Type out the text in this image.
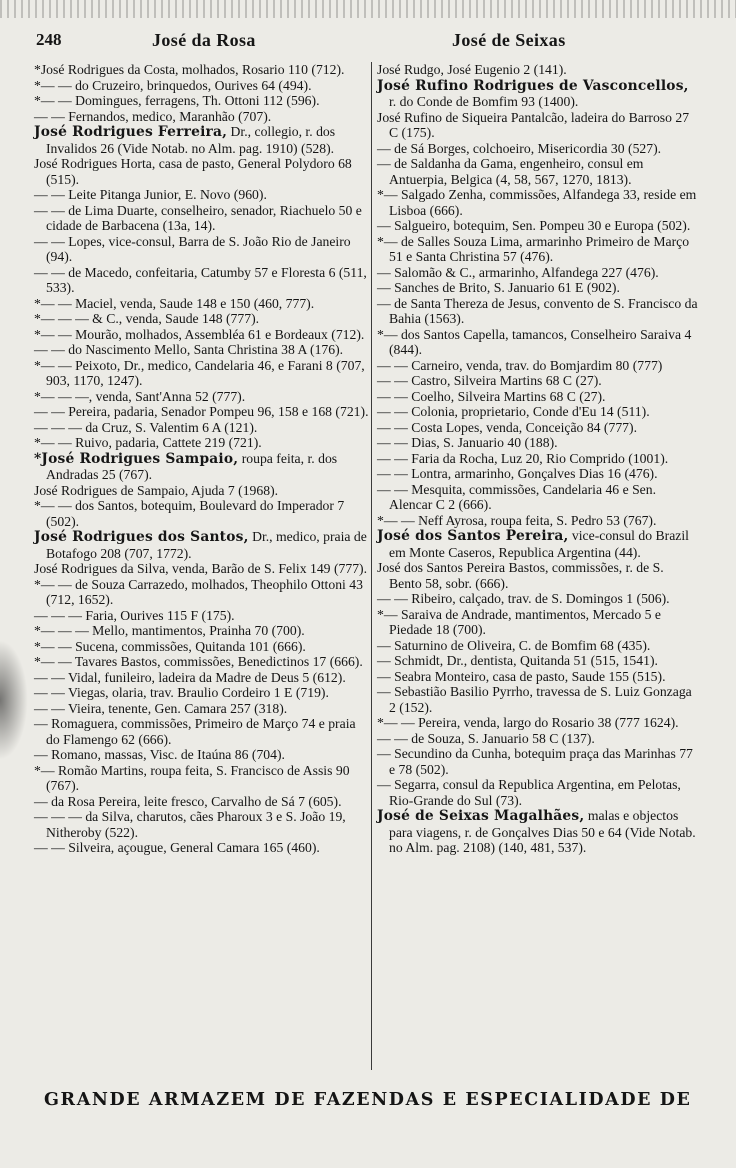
248	José da Rosa	José de Seixas

*José Rodrigues da Costa, molhados, Rosario 110 (712).

*— — do Cruzeiro, brinquedos, Ourives 64 (494).

*— — Domingues, ferragens, Th. Ottoni 112 (596).

— — Fernandos, medico, Maranhão (707).

José Rodrigues Ferreira, Dr., collegio, r. dos Invalidos 26 (Vide Notab. no Alm. pag. 1910) (528).

José Rodrigues Horta, casa de pasto, General Polydoro 68 (515).

— — Leite Pitanga Junior, E. Novo (960).

— — de Lima Duarte, conselheiro, senador, Riachuelo 50 e cidade de Barbacena (13a, 14).

— — Lopes, vice-consul, Barra de S. João Rio de Janeiro (94).

— — de Macedo, confeitaria, Catumby 57 e Floresta 6 (511, 533).

*— — Maciel, venda, Saude 148 e 150 (460, 777).

*— — — & C., venda, Saude 148 (777).

*— — Mourão, molhados, Assembléa 61 e Bordeaux (712).

— — do Nascimento Mello, Santa Christina 38 A (176).

*— — Peixoto, Dr., medico, Candelaria 46, e Farani 8 (707, 903, 1170, 1247).

*— — —, venda, Sant'Anna 52 (777).

— — Pereira, padaria, Senador Pompeu 96, 158 e 168 (721).

— — — da Cruz, S. Valentim 6 A (121).

*— — Ruivo, padaria, Cattete 219 (721).

*José Rodrigues Sampaio, roupa feita, r. dos Andradas 25 (767).

José Rodrigues de Sampaio, Ajuda 7 (1968).

*— — dos Santos, botequim, Boulevard do Imperador 7 (502).

José Rodrigues dos Santos, Dr., medico, praia de Botafogo 208 (707, 1772).

José Rodrigues da Silva, venda, Barão de S. Felix 149 (777).

*— — de Souza Carrazedo, molhados, Theophilo Ottoni 43 (712, 1652).

— — — Faria, Ourives 115 F (175).

*— — — Mello, mantimentos, Prainha 70 (700).

*— — Sucena, commissões, Quitanda 101 (666).

*— — Tavares Bastos, commissões, Benedictinos 17 (666).

— — Vidal, funileiro, ladeira da Madre de Deus 5 (612).

— — Viegas, olaria, trav. Braulio Cordeiro 1 E (719).

— — Vieira, tenente, Gen. Camara 257 (318).

— Romaguera, commissões, Primeiro de Março 74 e praia do Flamengo 62 (666).

— Romano, massas, Visc. de Itaúna 86 (704).

*— Romão Martins, roupa feita, S. Francisco de Assis 90 (767).

— da Rosa Pereira, leite fresco, Carvalho de Sá 7 (605).

— — — da Silva, charutos, cães Pharoux 3 e S. João 19, Nitheroby (522).

— — Silveira, açougue, General Camara 165 (460).

José Rudgo, José Eugenio 2 (141).

José Rufino Rodrigues de Vasconcellos, r. do Conde de Bomfim 93 (1400).

José Rufino de Siqueira Pantalcão, ladeira do Barroso 27 C (175).

— de Sá Borges, colchoeiro, Misericordia 30 (527).

— de Saldanha da Gama, engenheiro, consul em Antuerpia, Belgica (4, 58, 567, 1270, 1813).

*— Salgado Zenha, commissões, Alfandega 33, reside em Lisboa (666).

— Salgueiro, botequim, Sen. Pompeu 30 e Europa (502).

*— de Salles Souza Lima, armarinho Primeiro de Março 51 e Santa Christina 57 (476).

— Salomão & C., armarinho, Alfandega 227 (476).

— Sanches de Brito, S. Januario 61 E (902).

— de Santa Thereza de Jesus, convento de S. Francisco da Bahia (1563).

*— dos Santos Capella, tamancos, Conselheiro Saraiva 4 (844).

— — Carneiro, venda, trav. do Bomjardim 80 (777)

— — Castro, Silveira Martins 68 C (27).

— — Coelho, Silveira Martins 68 C (27).

— — Colonia, proprietario, Conde d'Eu 14 (511).

— — Costa Lopes, venda, Conceição 84 (777).

— — Dias, S. Januario 40 (188).

— — Faria da Rocha, Luz 20, Rio Comprido (1001).

— — Lontra, armarinho, Gonçalves Dias 16 (476).

— — Mesquita, commissões, Candelaria 46 e Sen. Alencar C 2 (666).

*— — Neff Ayrosa, roupa feita, S. Pedro 53 (767).

José dos Santos Pereira, vice-consul do Brazil em Monte Caseros, Republica Argentina (44).

José dos Santos Pereira Bastos, commissões, r. de S. Bento 58, sobr. (666).

— — Ribeiro, calçado, trav. de S. Domingos 1 (506).

*— Saraiva de Andrade, mantimentos, Mercado 5 e Piedade 18 (700).

— Saturnino de Oliveira, C. de Bomfim 68 (435).

— Schmidt, Dr., dentista, Quitanda 51 (515, 1541).

— Seabra Monteiro, casa de pasto, Saude 155 (515).

— Sebastião Basilio Pyrrho, travessa de S. Luiz Gonzaga 2 (152).

*— — Pereira, venda, largo do Rosario 38 (777 1624).

— — de Souza, S. Januario 58 C (137).

— Secundino da Cunha, botequim praça das Marinhas 77 e 78 (502).

— Segarra, consul da Republica Argentina, em Pelotas, Rio-Grande do Sul (73).

José de Seixas Magalhães, malas e objectos para viagens, r. de Gonçalves Dias 50 e 64 (Vide Notab. no Alm. pag. 2108) (140, 481, 537).

GRANDE ARMAZEM DE FAZENDAS E ESPECIALIDADE DE
